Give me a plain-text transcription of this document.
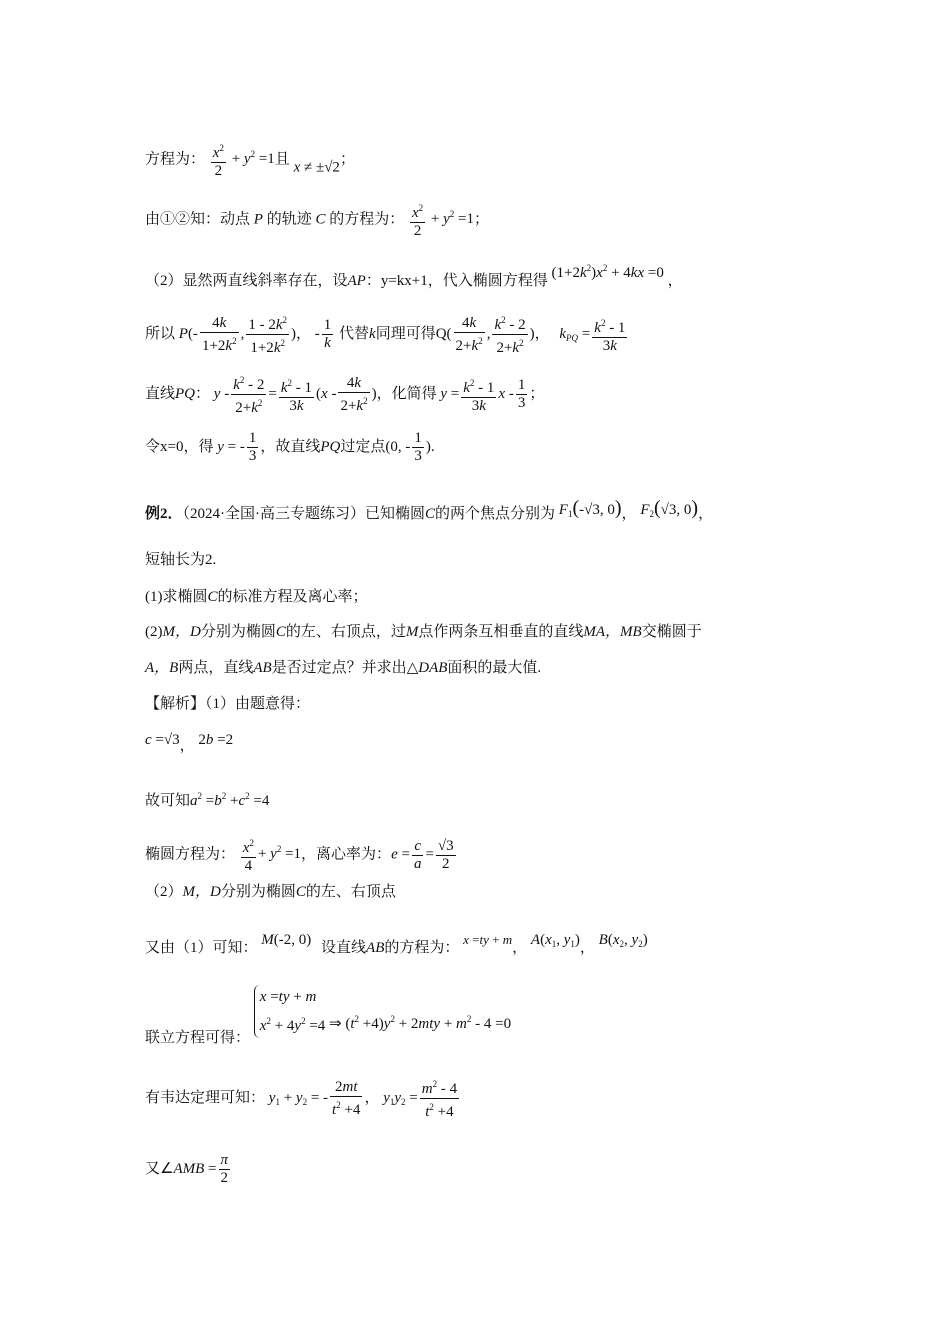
方程为： $\frac{x^2}{2} + y^2 =1$且 x ≠ ±√2；
由①②知：动点 P 的轨迹 C 的方程为： $\frac{x^2}{2} + y^2 =1$；
（2）显然两直线斜率存在，设AP：y=kx+1，代入椭圆方程得 $(1+2k^2)x^2 + 4kx =0$ ，
所以 $P(- \frac{4k}{1+2k^2}$ , $\frac{1 - 2k^2}{1+2k^2}$ )， - $\frac{1}{k}$ 代替k同理可得$Q( \frac{4k}{2+k^2}$ , $\frac{k^2 - 2}{2+k^2}$ )， $k_{PQ} = \frac{k^2 - 1}{3k}$
直线PQ： $y - \frac{k^2 - 2}{2+k^2} = \frac{k^2 - 1}{3k} (x - \frac{4k}{2+k^2}$ )，化简得 $y = \frac{k^2 - 1}{3k}$ x - $\frac{1}{3}$ ；
令x=0，得 y = - $\frac{1}{3}$ ，故直线PQ过定点(0, - $\frac{1}{3}$ ).
例2．（2024·全国·高三专题练习）已知椭圆C的两个焦点分别为 $F_1(-√3$, 0)， $F_2(√3$, 0)，
短轴长为2.
(1)求椭圆C的标准方程及离心率；
(2)M，D分别为椭圆C的左、右顶点，过M点作两条互相垂直的直线MA，MB交椭圆于
A，B两点，直线AB是否过定点？并求出△DAB面积的最大值.
【解析】（1）由题意得：
c =√3， 2b =2
故可知$a^2 =b^2 +c^2 =4$
椭圆方程为： $\frac{x^2}{4} + y^2 =1$，离心率为：$e = \frac{c}{a} = \frac{√3}{2}$
（2）M，D分别为椭圆C的左、右顶点
又由（1）可知： M(-2, 0) 设直线AB的方程为： x =ty + m， $A(x_1$, $y_1$)， $B(x_2$, $y_2$)
联立方程可得： x =ty + m
$x^2 + 4y^2 =4$ ⇒ $(t^2 +4)y^2 + 2mty + m^2 - 4 =0$
有韦达定理可知： $y_1 + y_2$ = - $\frac{2mt}{t^2 +4}$ ， $y_1y_2 = \frac{m^2 - 4}{t^2 +4}$
又∠AMB = $\frac{\pi}{2}$
